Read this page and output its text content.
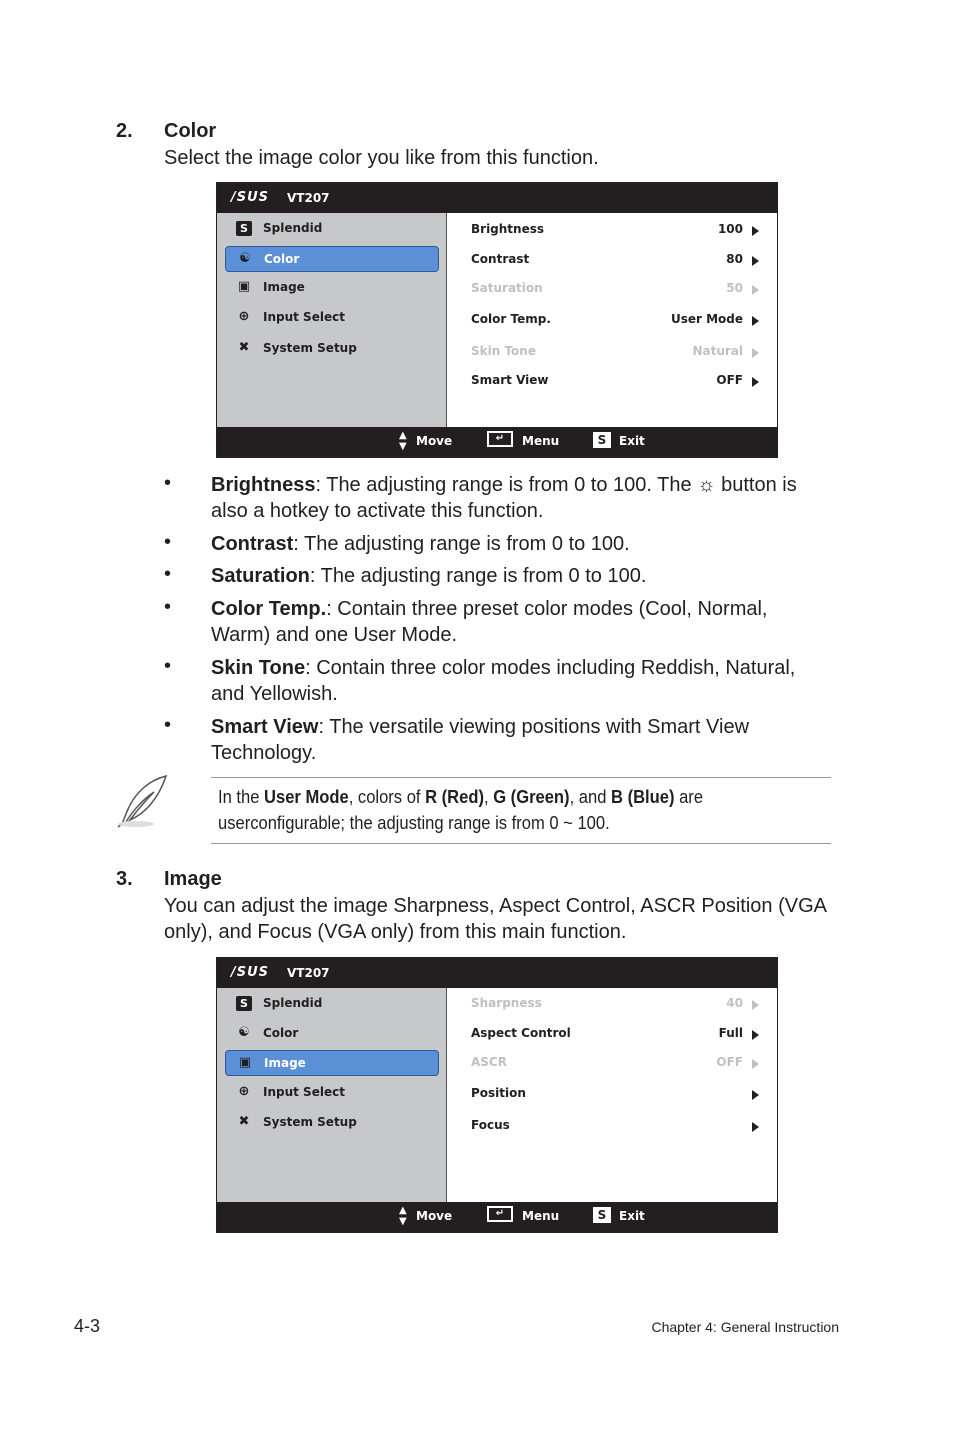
2. Color
Select the image color you like from this function.
/SUS VT207
S	Splendid
☯ Color
▣ Image
⊕ Input Select
✖ System Setup
Brightness	100
Contrast	80
Saturation	50
Color Temp.	User Mode
Skin Tone	Natural
Smart View	OFF
▲
▼ Move	↵	Menu	S	Exit
• Brightness: The adjusting range is from 0 to 100. The ☼ button is also a hotkey to activate this function.
• Contrast: The adjusting range is from 0 to 100.
• Saturation: The adjusting range is from 0 to 100.
• Color Temp.: Contain three preset color modes (Cool, Normal, Warm) and one User Mode.
• Skin Tone: Contain three color modes including Reddish, Natural, and Yellowish.
• Smart View: The versatile viewing positions with Smart View Technology.
In the User Mode, colors of R (Red), G (Green), and B (Blue) are userconfigurable; the adjusting range is from 0 ~ 100.
3. Image
You can adjust the image Sharpness, Aspect Control, ASCR Position (VGA only), and Focus (VGA only) from this main function.
/SUS VT207
S	Splendid
☯ Color
▣ Image
⊕ Input Select
✖ System Setup
Sharpness	40
Aspect Control	Full
ASCR	OFF
Position
Focus
▲
▼ Move	↵	Menu	S	Exit
4-3	Chapter 4: General Instruction
